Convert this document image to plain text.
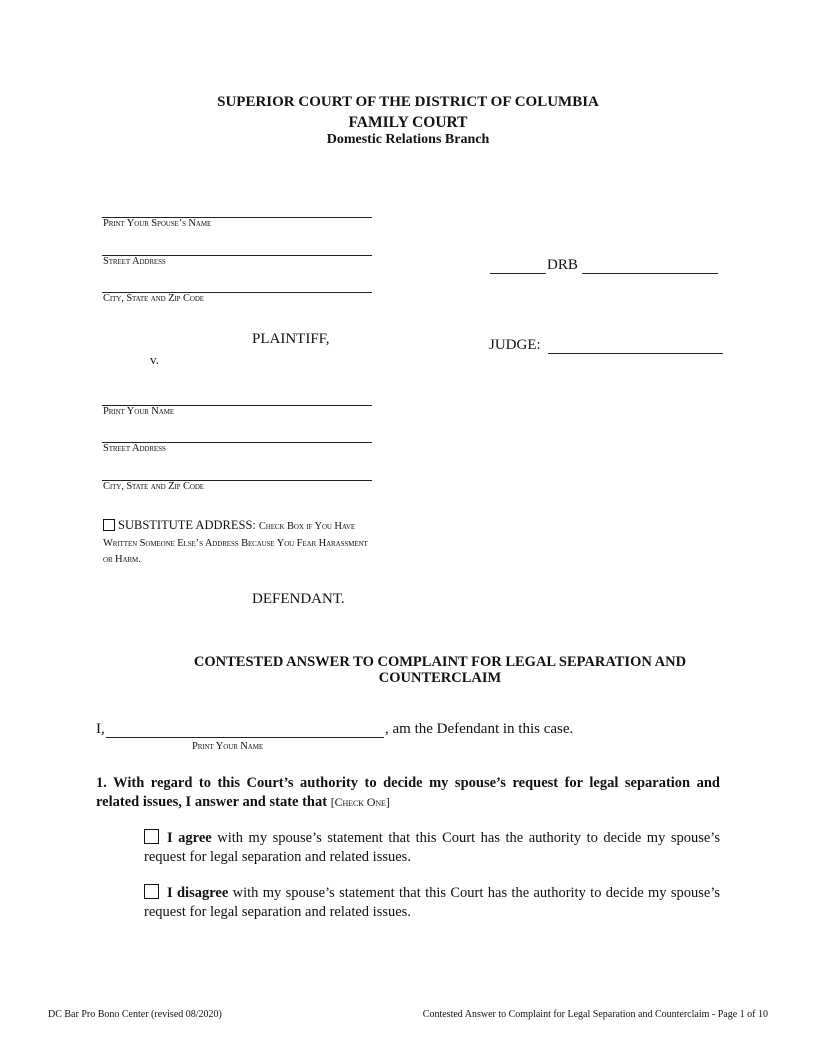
SUPERIOR COURT OF THE DISTRICT OF COLUMBIA
FAMILY COURT
Domestic Relations Branch
Print Your Spouse’s Name
Street Address
City, State and Zip Code
PLAINTIFF,
v.
DRB
JUDGE:
Print Your Name
Street Address
City, State and Zip Code
SUBSTITUTE ADDRESS: Check Box if You Have Written Someone Else’s Address Because You Fear Harassment or Harm.
DEFENDANT.
CONTESTED ANSWER TO COMPLAINT FOR LEGAL SEPARATION AND COUNTERCLAIM
I,	, am the Defendant in this case.
Print Your Name
1. With regard to this Court’s authority to decide my spouse’s request for legal separation and related issues, I answer and state that [Check One]
I agree with my spouse’s statement that this Court has the authority to decide my spouse’s request for legal separation and related issues.
I disagree with my spouse’s statement that this Court has the authority to decide my spouse’s request for legal separation and related issues.
DC Bar Pro Bono Center (revised 08/2020)	Contested Answer to Complaint for Legal Separation and Counterclaim - Page 1 of 10
